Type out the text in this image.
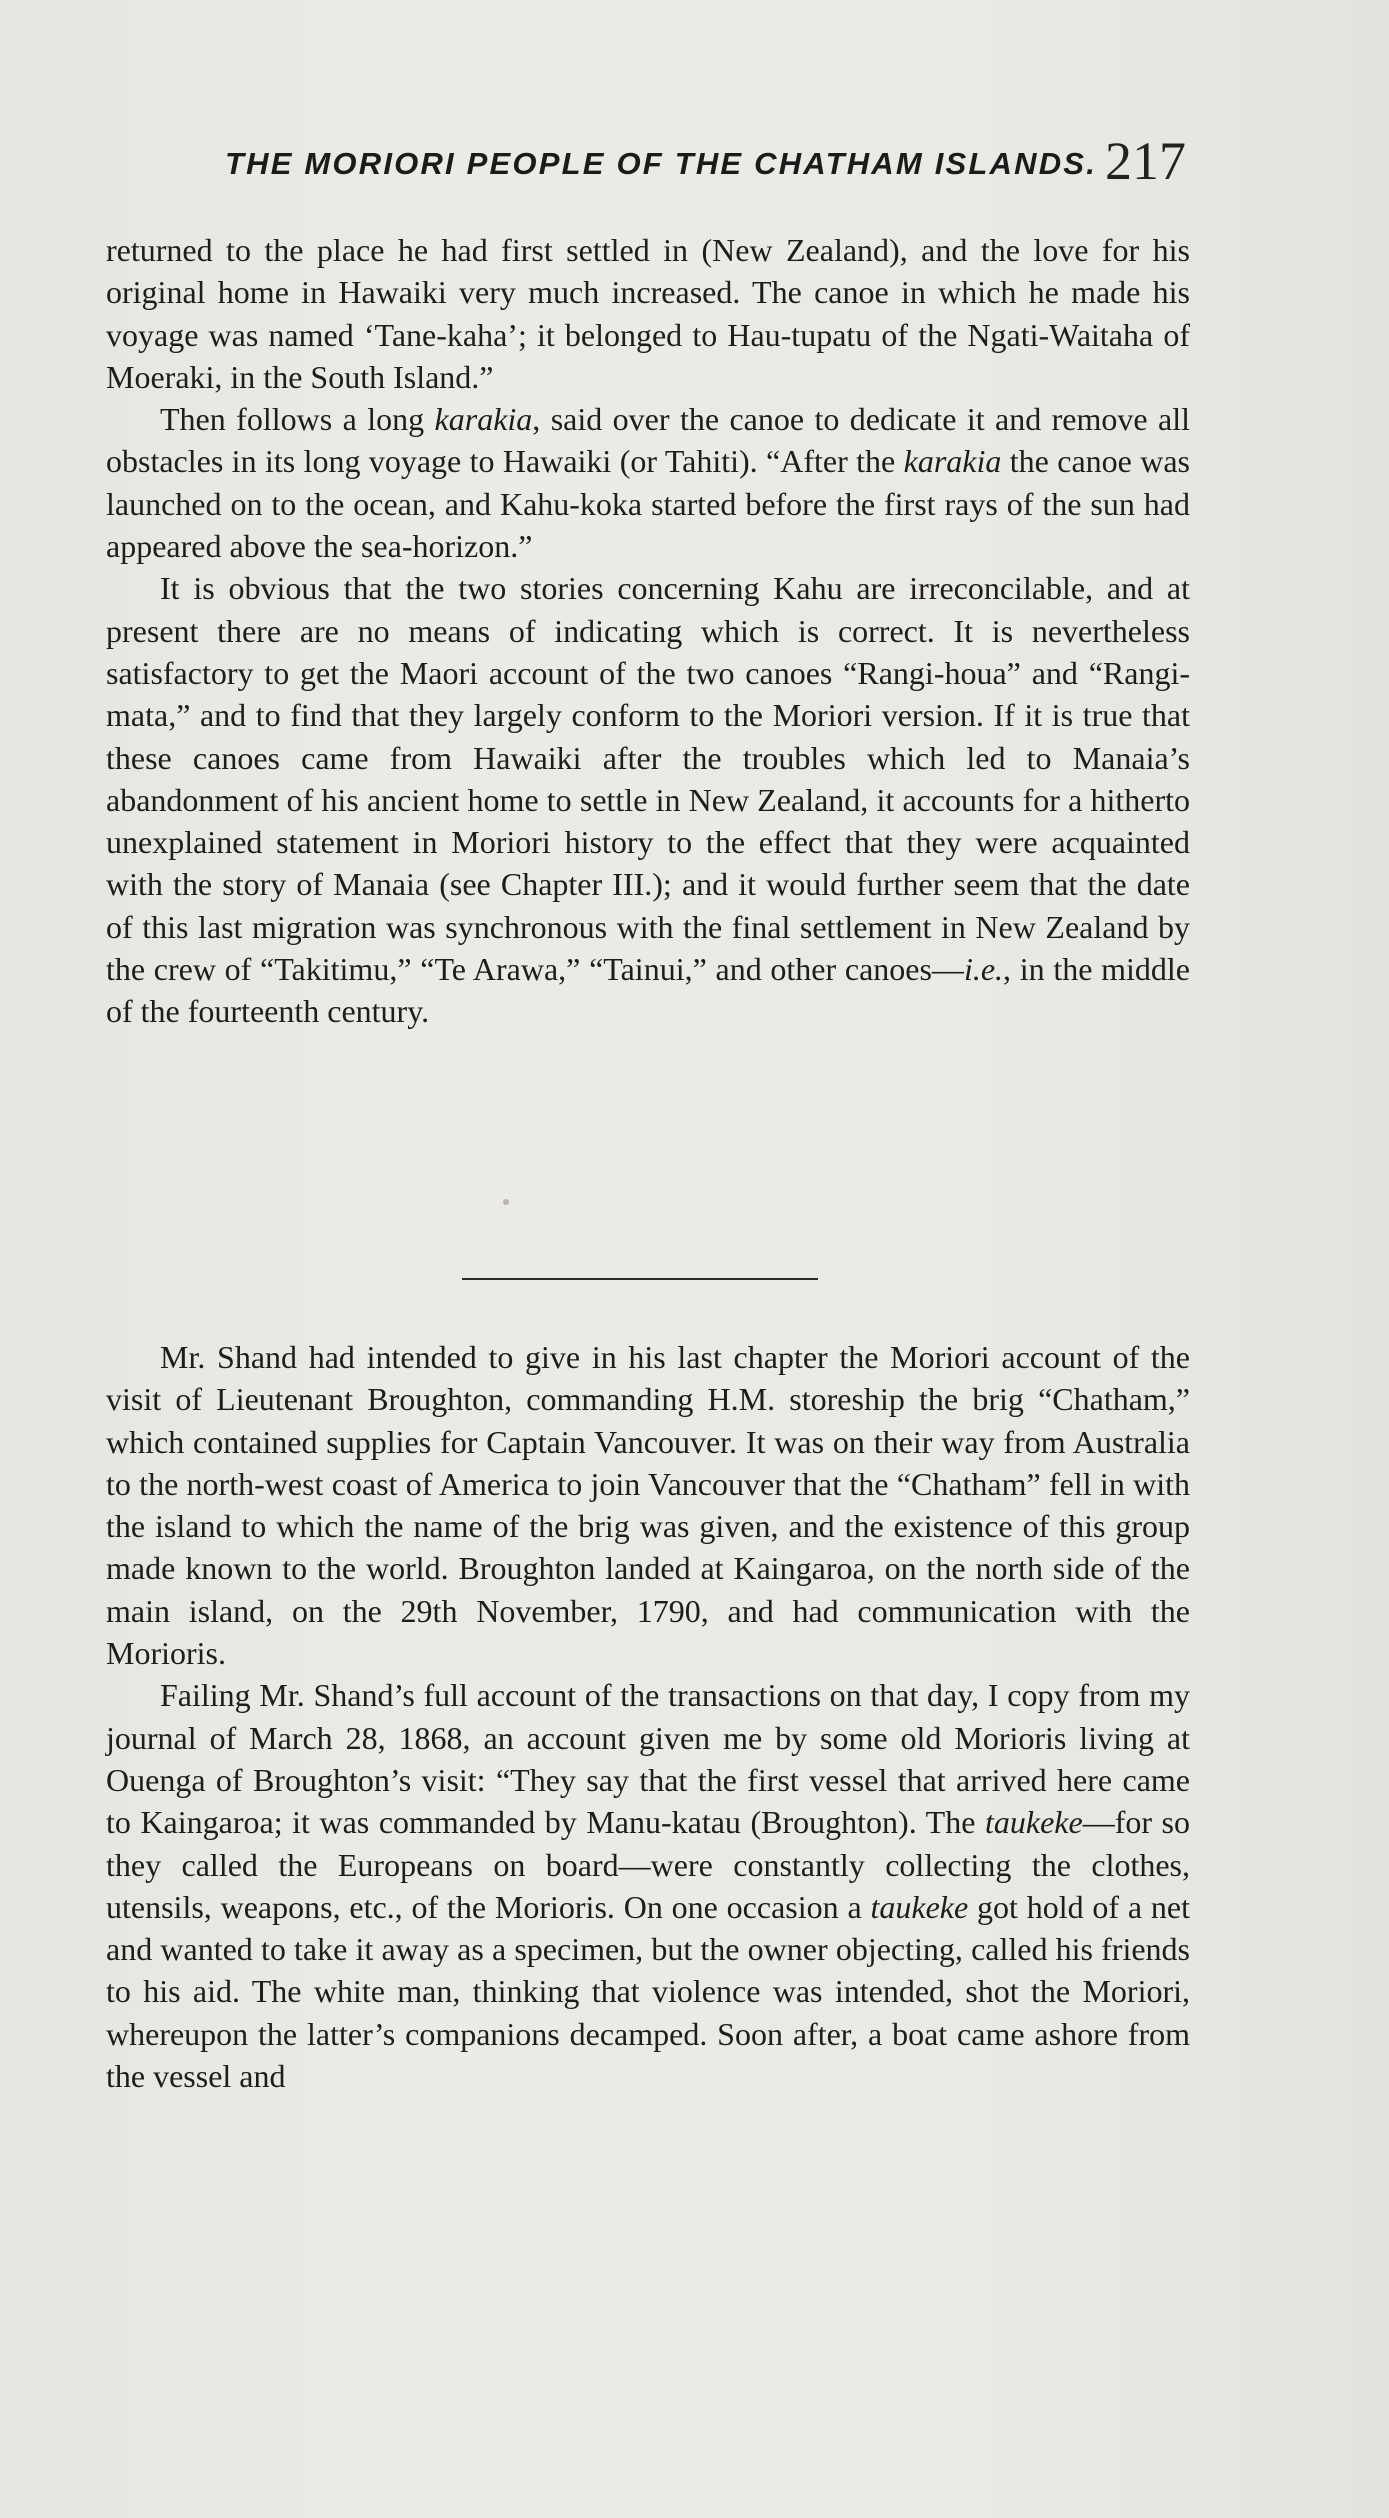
THE MORIORI PEOPLE OF THE CHATHAM ISLANDS. 217

returned to the place he had first settled in (New Zealand), and the love for his original home in Hawaiki very much increased. The canoe in which he made his voyage was named ‘Tane-kaha’; it belonged to Hau-tupatu of the Ngati-Waitaha of Moeraki, in the South Island.”

Then follows a long karakia, said over the canoe to dedicate it and remove all obstacles in its long voyage to Hawaiki (or Tahiti). “After the karakia the canoe was launched on to the ocean, and Kahu-koka started before the first rays of the sun had appeared above the sea-horizon.”

It is obvious that the two stories concerning Kahu are irreconcilable, and at present there are no means of indicating which is correct. It is nevertheless satisfactory to get the Maori account of the two canoes “Rangi-houa” and “Rangi-mata,” and to find that they largely conform to the Moriori version. If it is true that these canoes came from Hawaiki after the troubles which led to Manaia’s abandonment of his ancient home to settle in New Zealand, it accounts for a hitherto unexplained statement in Moriori history to the effect that they were acquainted with the story of Manaia (see Chapter III.); and it would further seem that the date of this last migration was synchronous with the final settlement in New Zealand by the crew of “Takitimu,” “Te Arawa,” “Tainui,” and other canoes—i.e., in the middle of the fourteenth century.

Mr. Shand had intended to give in his last chapter the Moriori account of the visit of Lieutenant Broughton, commanding H.M. storeship the brig “Chatham,” which contained supplies for Captain Vancouver. It was on their way from Australia to the north-west coast of America to join Vancouver that the “Chatham” fell in with the island to which the name of the brig was given, and the existence of this group made known to the world. Broughton landed at Kaingaroa, on the north side of the main island, on the 29th November, 1790, and had communication with the Morioris.

Failing Mr. Shand’s full account of the transactions on that day, I copy from my journal of March 28, 1868, an account given me by some old Morioris living at Ouenga of Broughton’s visit: “They say that the first vessel that arrived here came to Kaingaroa; it was commanded by Manu-katau (Broughton). The taukeke—for so they called the Europeans on board—were constantly collecting the clothes, utensils, weapons, etc., of the Morioris. On one occasion a taukeke got hold of a net and wanted to take it away as a specimen, but the owner objecting, called his friends to his aid. The white man, thinking that violence was intended, shot the Moriori, whereupon the latter’s companions decamped. Soon after, a boat came ashore from the vessel and
